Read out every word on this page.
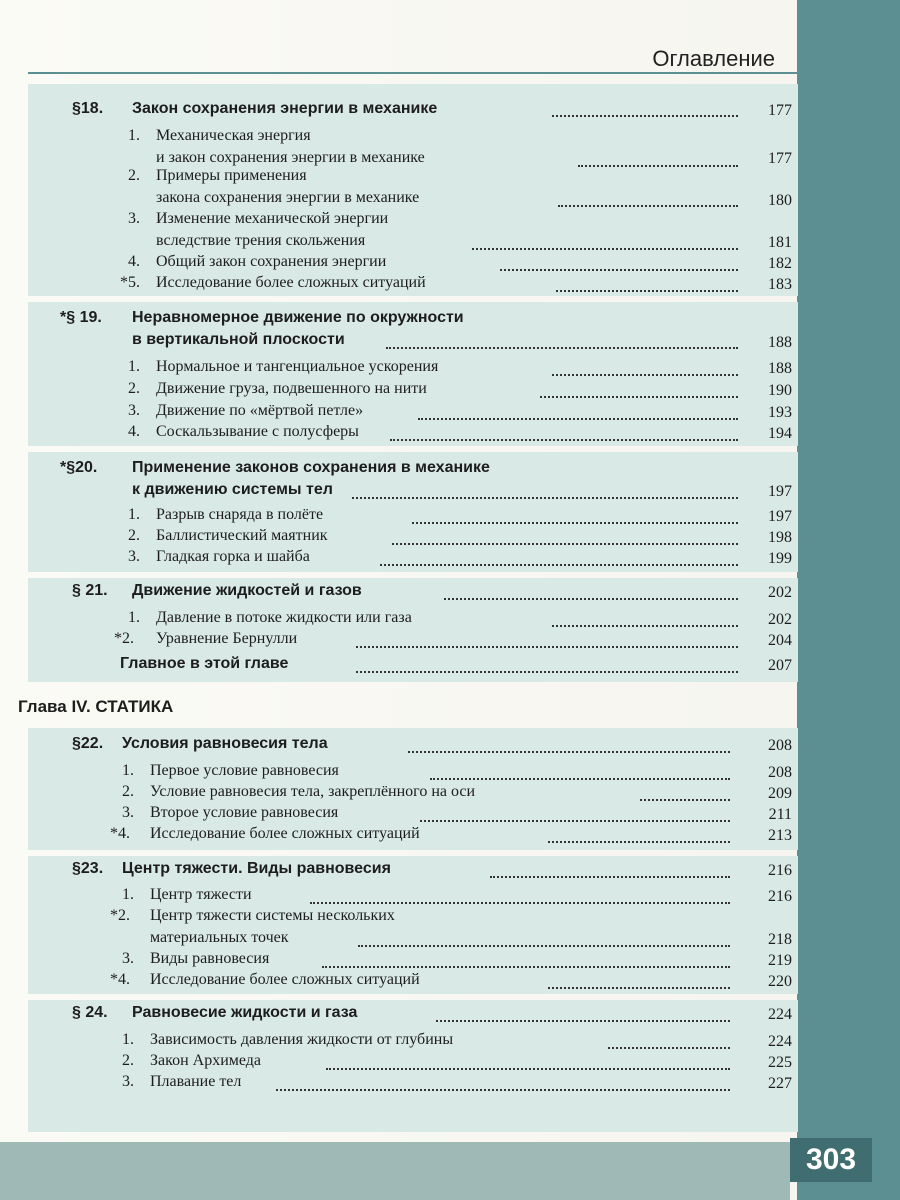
Оглавление
303
§18. Закон сохранения энергии в механике	177
1. Механическая энергия
и закон сохранения энергии в механике	177
2. Примеры применения
закона сохранения энергии в механике	180
3. Изменение механической энергии
вследствие трения скольжения	181
4. Общий закон сохранения энергии	182
*5. Исследование более сложных ситуаций	183
*§ 19. Неравномерное движение по окружности
в вертикальной плоскости	188
1. Нормальное и тангенциальное ускорения	188
2. Движение груза, подвешенного на нити	190
3. Движение по «мёртвой петле»	193
4. Соскальзывание с полусферы	194
*§20. Применение законов сохранения в механике
к движению системы тел	197
1. Разрыв снаряда в полёте	197
2. Баллистический маятник	198
3. Гладкая горка и шайба	199
§ 21. Движение жидкостей и газов	202
1. Давление в потоке жидкости или газа	202
*2. Уравнение Бернулли	204
Главное в этой главе	207
Глава IV. СТАТИКА
§22. Условия равновесия тела	208
1. Первое условие равновесия	208
2. Условие равновесия тела, закреплённого на оси	209
3. Второе условие равновесия	211
*4. Исследование более сложных ситуаций	213
§23. Центр тяжести. Виды равновесия	216
1. Центр тяжести	216
*2. Центр тяжести системы нескольких
материальных точек	218
3. Виды равновесия	219
*4. Исследование более сложных ситуаций	220
§ 24. Равновесие жидкости и газа	224
1. Зависимость давления жидкости от глубины	224
2. Закон Архимеда	225
3. Плавание тел	227
